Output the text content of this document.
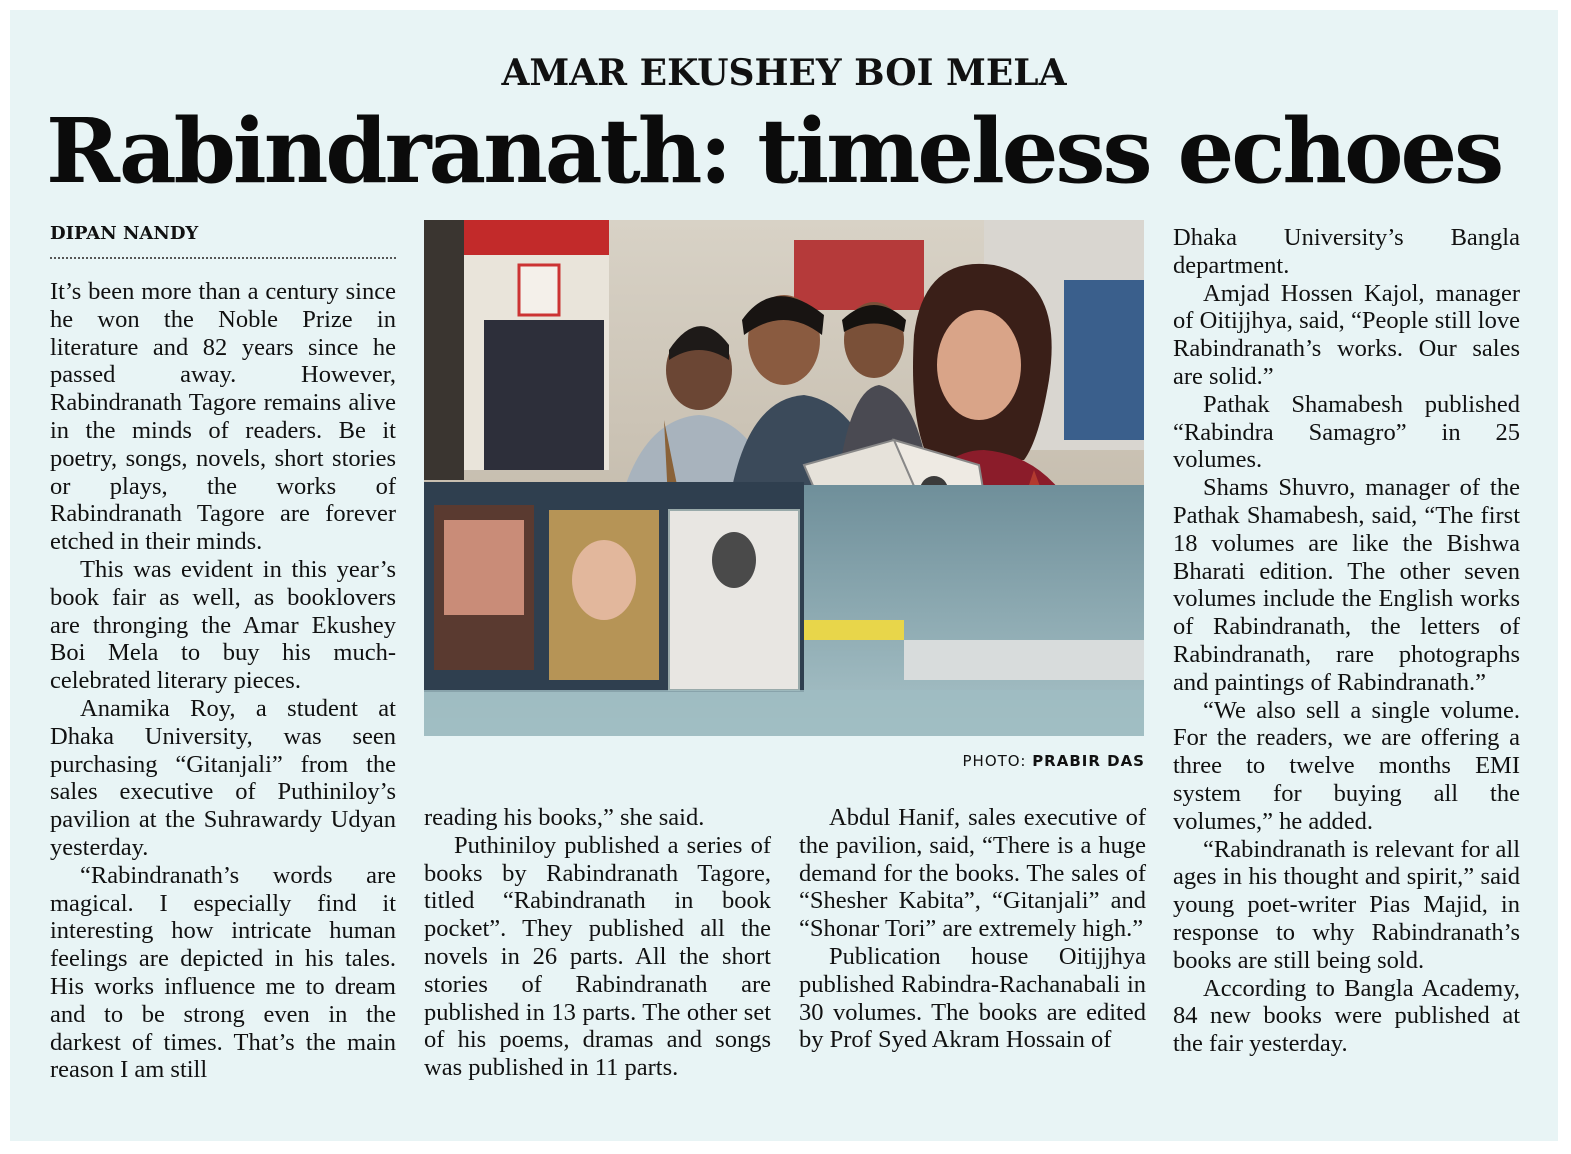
AMAR EKUSHEY BOI MELA
Rabindranath: timeless echoes
DIPAN NANDY

It’s been more than a century since he won the Noble Prize in literature and 82 years since he passed away. However, Rabindranath Tagore remains alive in the minds of readers. Be it poetry, songs, novels, short stories or plays, the works of Rabindranath Tagore are forever etched in their minds.

This was evident in this year’s book fair as well, as booklovers are thronging the Amar Ekushey Boi Mela to buy his much-celebrated literary pieces.

Anamika Roy, a student at Dhaka University, was seen purchasing “Gitanjali” from the sales executive of Puthiniloy’s pavilion at the Suhrawardy Udyan yesterday.

“Rabindranath’s words are magical. I especially find it interesting how intricate human feelings are depicted in his tales. His works influence me to dream and to be strong even in the darkest of times. That’s the main reason I am still

PHOTO: PRABIR DAS

reading his books,” she said.

Puthiniloy published a series of books by Rabindranath Tagore, titled “Rabindranath in book pocket”. They published all the novels in 26 parts. All the short stories of Rabindranath are published in 13 parts. The other set of his poems, dramas and songs was published in 11 parts.

Abdul Hanif, sales executive of the pavilion, said, “There is a huge demand for the books. The sales of “Shesher Kabita”, “Gitanjali” and “Shonar Tori” are extremely high.”

Publication house Oitijjhya published Rabindra-Rachanabali in 30 volumes. The books are edited by Prof Syed Akram Hossain of

Dhaka University’s Bangla department.

Amjad Hossen Kajol, manager of Oitijjhya, said, “People still love Rabindranath’s works. Our sales are solid.”

Pathak Shamabesh published “Rabindra Samagro” in 25 volumes.

Shams Shuvro, manager of the Pathak Shamabesh, said, “The first 18 volumes are like the Bishwa Bharati edition. The other seven volumes include the English works of Rabindranath, the letters of Rabindranath, rare photographs and paintings of Rabindranath.”

“We also sell a single volume. For the readers, we are offering a three to twelve months EMI system for buying all the volumes,” he added.

“Rabindranath is relevant for all ages in his thought and spirit,” said young poet-writer Pias Majid, in response to why Rabindranath’s books are still being sold.

According to Bangla Academy, 84 new books were published at the fair yesterday.
